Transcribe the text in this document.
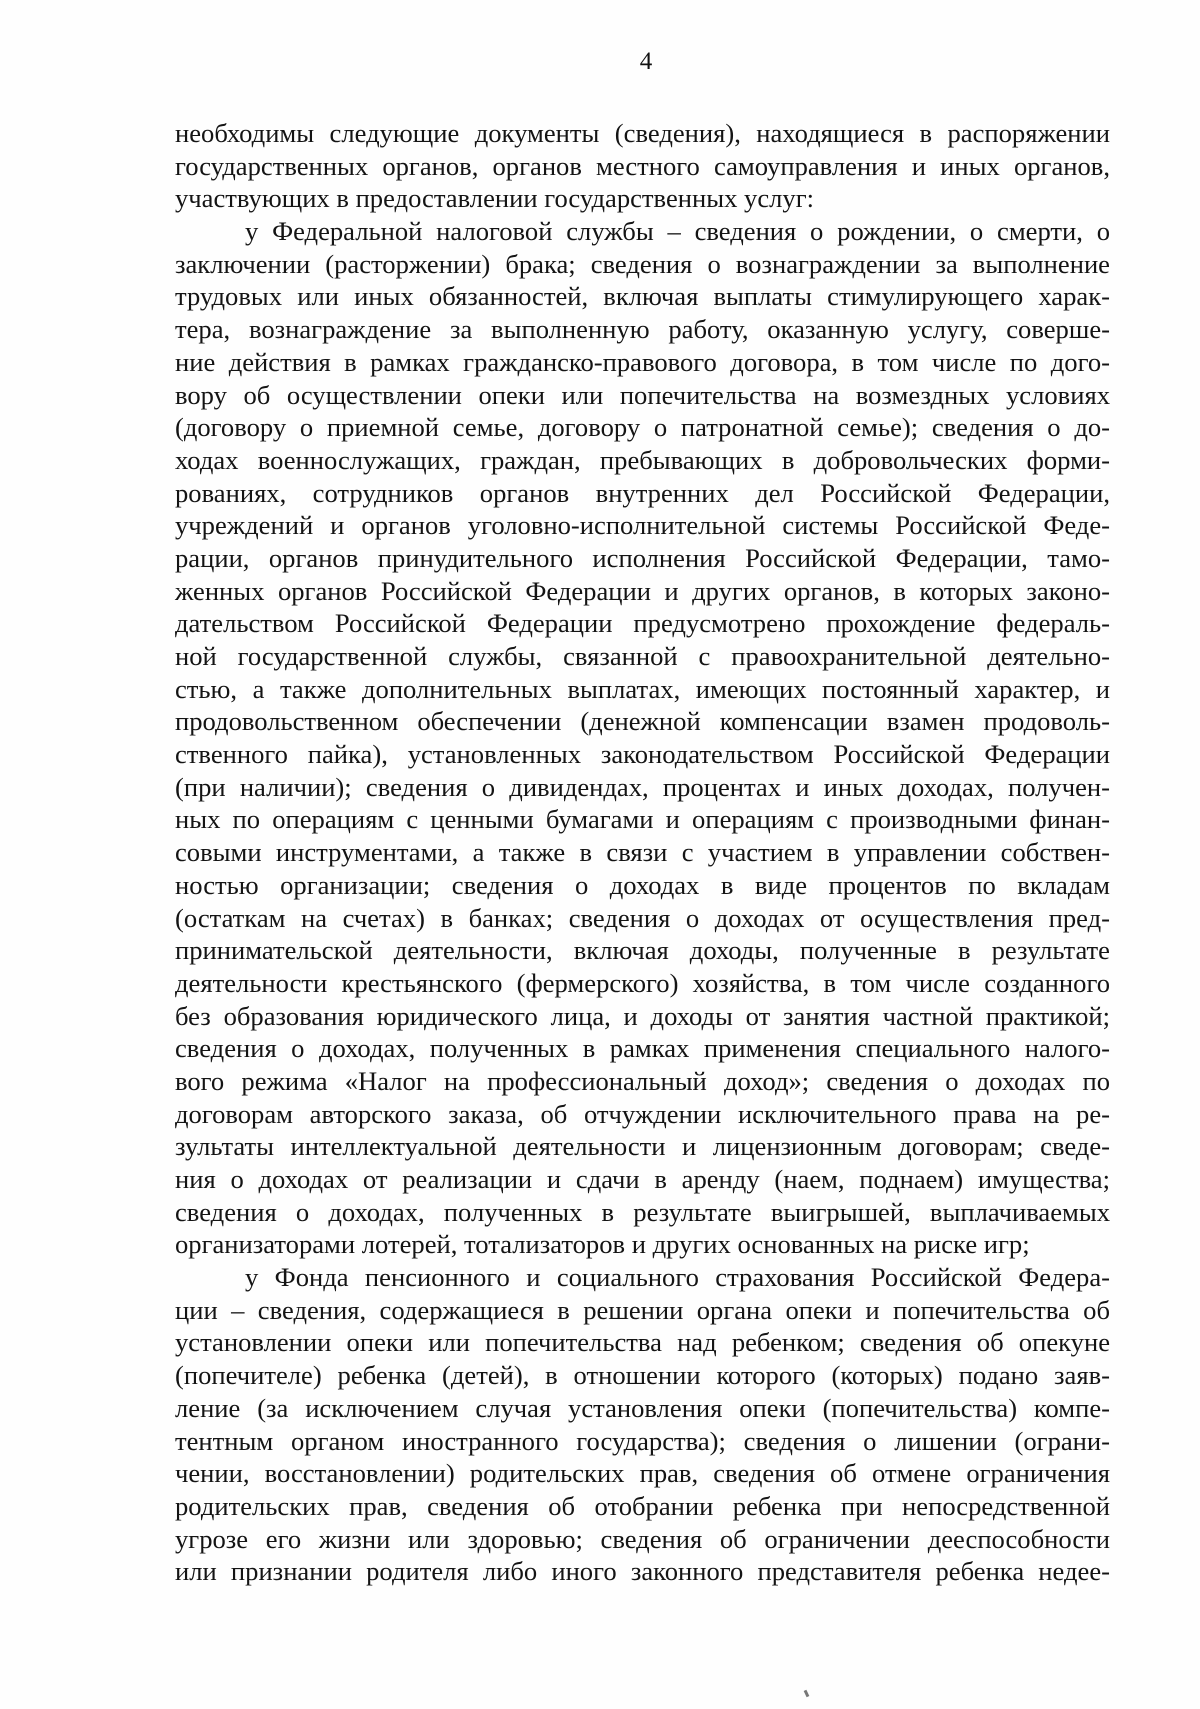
4
необходимы следующие документы (сведения), находящиеся в распоряжении
государственных органов, органов местного самоуправления и иных органов,
участвующих в предоставлении государственных услуг:
у Федеральной налоговой службы – сведения о рождении, о смерти, о
заключении (расторжении) брака; сведения о вознаграждении за выполнение
трудовых или иных обязанностей, включая выплаты стимулирующего харак-
тера, вознаграждение за выполненную работу, оказанную услугу, соверше-
ние действия в рамках гражданско-правового договора, в том числе по дого-
вору об осуществлении опеки или попечительства на возмездных условиях
(договору о приемной семье, договору о патронатной семье); сведения о до-
ходах военнослужащих, граждан, пребывающих в добровольческих форми-
рованиях, сотрудников органов внутренних дел Российской Федерации,
учреждений и органов уголовно-исполнительной системы Российской Феде-
рации, органов принудительного исполнения Российской Федерации, тамо-
женных органов Российской Федерации и других органов, в которых законо-
дательством Российской Федерации предусмотрено прохождение федераль-
ной государственной службы, связанной с правоохранительной деятельно-
стью, а также дополнительных выплатах, имеющих постоянный характер, и
продовольственном обеспечении (денежной компенсации взамен продоволь-
ственного пайка), установленных законодательством Российской Федерации
(при наличии); сведения о дивидендах, процентах и иных доходах, получен-
ных по операциям с ценными бумагами и операциям с производными финан-
совыми инструментами, а также в связи с участием в управлении собствен-
ностью организации; сведения о доходах в виде процентов по вкладам
(остаткам на счетах) в банках; сведения о доходах от осуществления пред-
принимательской деятельности, включая доходы, полученные в результате
деятельности крестьянского (фермерского) хозяйства, в том числе созданного
без образования юридического лица, и доходы от занятия частной практикой;
сведения о доходах, полученных в рамках применения специального налого-
вого режима «Налог на профессиональный доход»; сведения о доходах по
договорам авторского заказа, об отчуждении исключительного права на ре-
зультаты интеллектуальной деятельности и лицензионным договорам; сведе-
ния о доходах от реализации и сдачи в аренду (наем, поднаем) имущества;
сведения о доходах, полученных в результате выигрышей, выплачиваемых
организаторами лотерей, тотализаторов и других основанных на риске игр;
у Фонда пенсионного и социального страхования Российской Федера-
ции – сведения, содержащиеся в решении органа опеки и попечительства об
установлении опеки или попечительства над ребенком; сведения об опекуне
(попечителе) ребенка (детей), в отношении которого (которых) подано заяв-
ление (за исключением случая установления опеки (попечительства) компе-
тентным органом иностранного государства); сведения о лишении (ограни-
чении, восстановлении) родительских прав, сведения об отмене ограничения
родительских прав, сведения об отобрании ребенка при непосредственной
угрозе его жизни или здоровью; сведения об ограничении дееспособности
или признании родителя либо иного законного представителя ребенка недее-
